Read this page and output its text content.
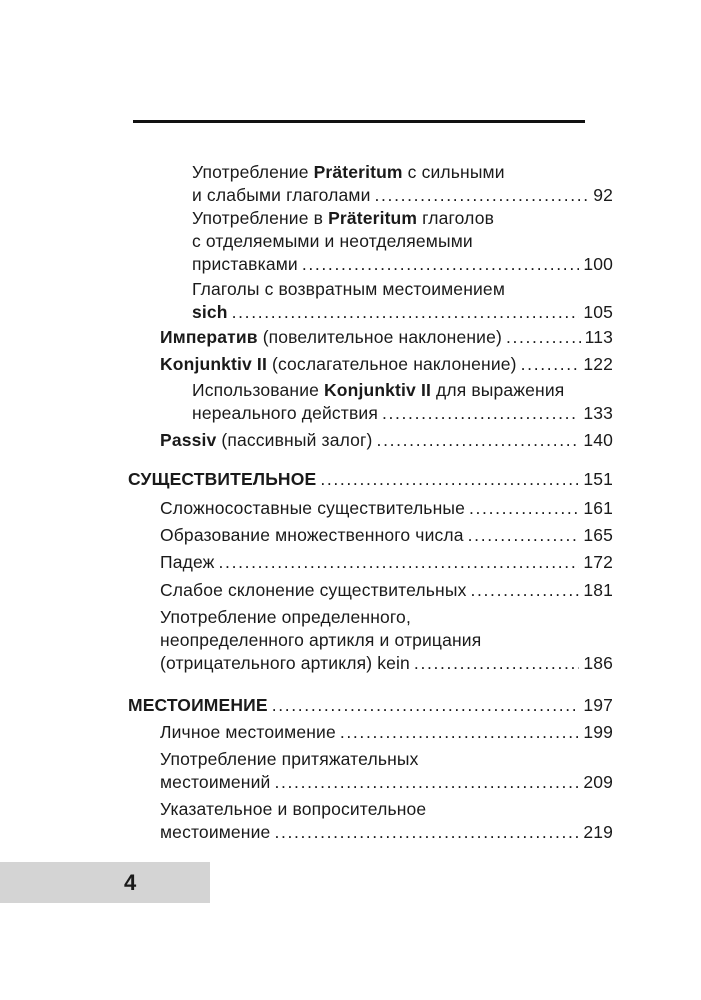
Употребление Präteritum с сильными
и слабыми глаголами . . .	92
Употребление в Präteritum глаголов
с отделяемыми и неотделяемыми
приставками . . .	100
Глаголы с возвратным местоимением
sich . . .	105
Императив (повелительное наклонение) . . .	113
Konjunktiv II (сослагательное наклонение) . . .	122
Использование Konjunktiv II для выражения
нереального действия . . .	133
Passiv (пассивный залог) . . .	140
СУЩЕСТВИТЕЛЬНОЕ . . .	151
Сложносоставные существительные . . .	161
Образование множественного числа . . .	165
Падеж . . .	172
Слабое склонение существительных . . .	181
Употребление определенного,
неопределенного артикля и отрицания
(отрицательного артикля) kein . . .	186
МЕСТОИМЕНИЕ . . .	197
Личное местоимение . . .	199
Употребление притяжательных
местоимений . . .	209
Указательное и вопросительное
местоимение . . .	219
4
